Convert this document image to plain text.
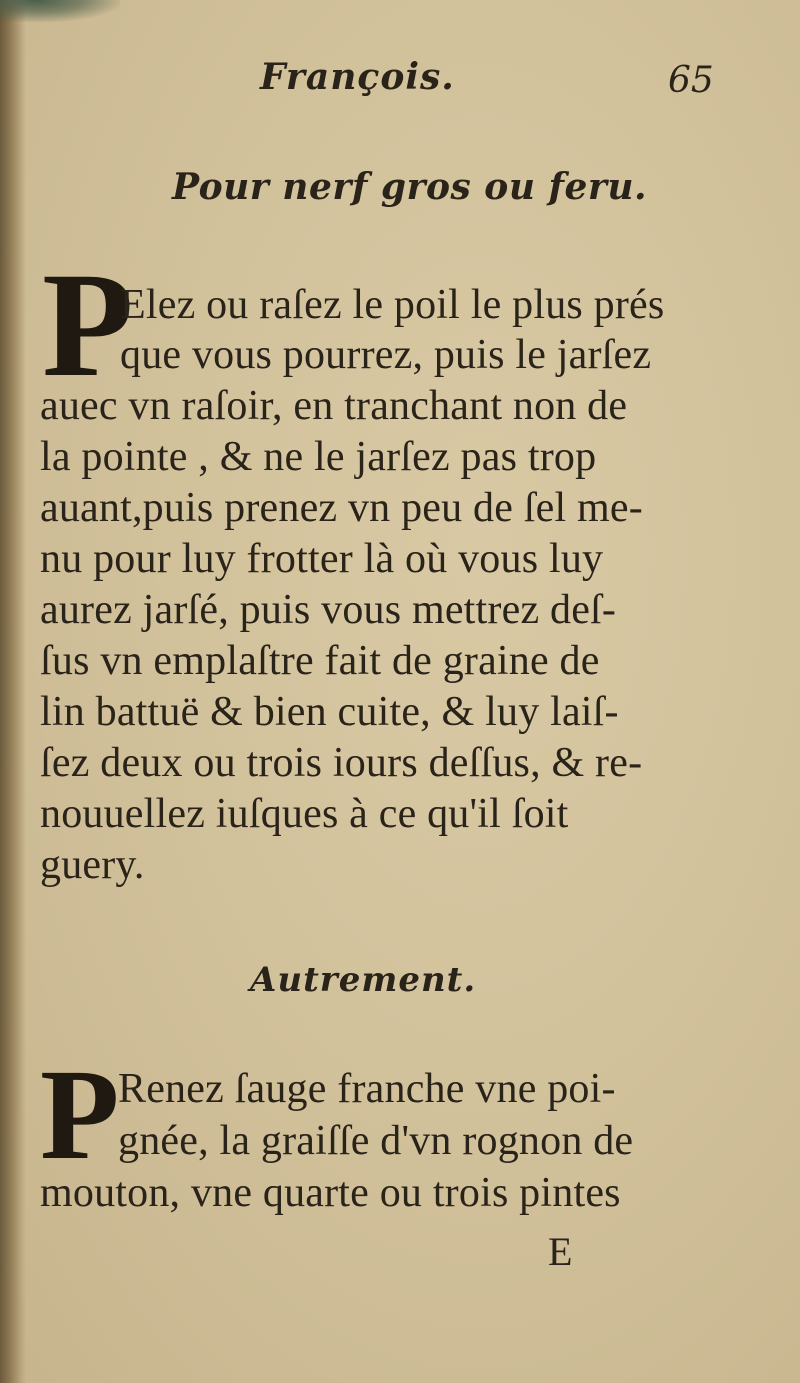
François.	65
Pour nerf gros ou feru.
P
Elez ou raſez le poil le plus prés
que vous pourrez, puis le jarſez
auec vn raſoir, en tranchant non de
la pointe , & ne le jarſez pas trop
auant,puis prenez vn peu de ſel me-
nu pour luy frotter là où vous luy
aurez jarſé, puis vous mettrez deſ-
ſus vn emplaſtre fait de graine de
lin battuë & bien cuite, & luy laiſ-
ſez deux ou trois iours deſſus, & re-
nouuellez iuſques à ce qu'il ſoit
guery.
Autrement.
P
Renez ſauge franche vne poi-
gnée, la graiſſe d'vn rognon de
mouton, vne quarte ou trois pintes
E
